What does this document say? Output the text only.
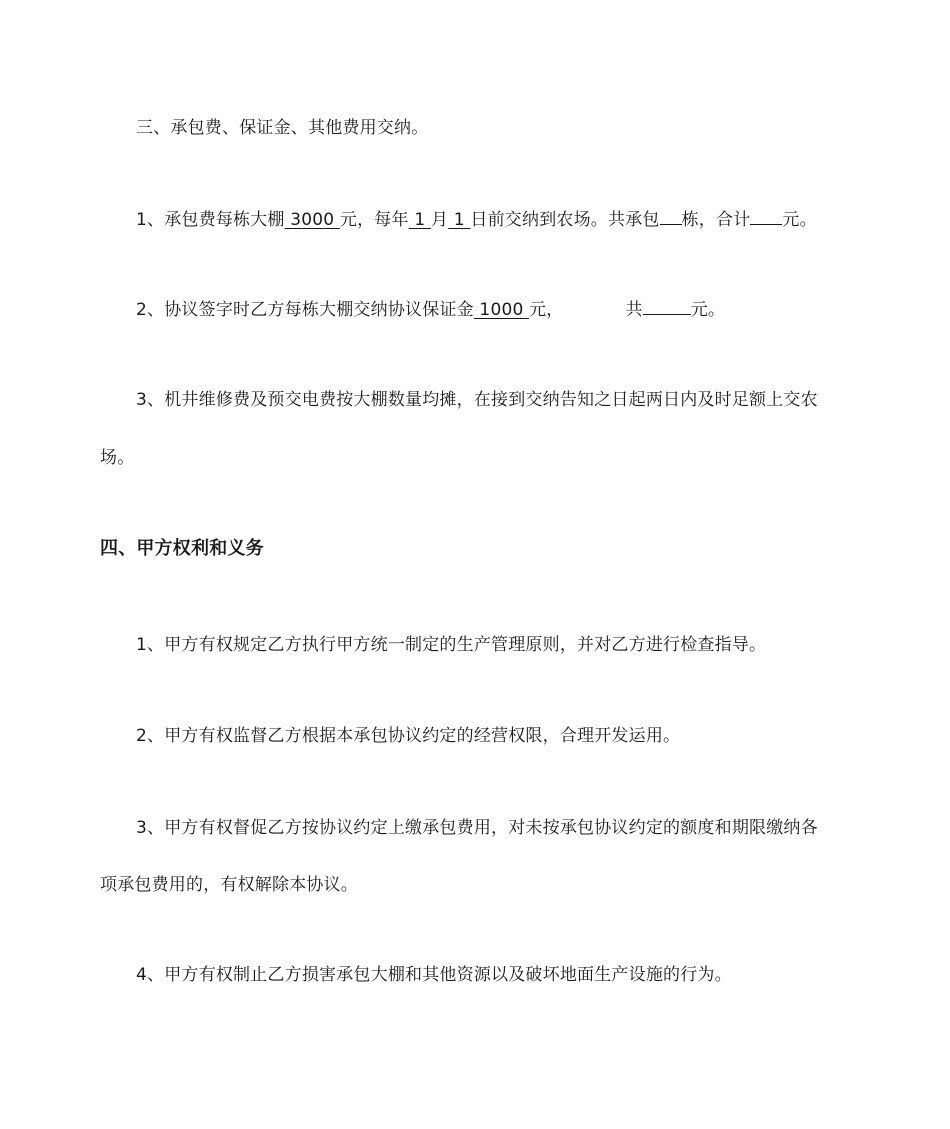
三、承包费、保证金、其他费用交纳。
1、承包费每栋大棚 3000 元，每年 1 月 1 日前交纳到农场。共承包 栋，合计 元。
2、协议签字时乙方每栋大棚交纳协议保证金 1000 元，	共	元。
3、机井维修费及预交电费按大棚数量均摊，在接到交纳告知之日起两日内及时足额上交农
场。
四、甲方权利和义务
1、甲方有权规定乙方执行甲方统一制定的生产管理原则，并对乙方进行检查指导。
2、甲方有权监督乙方根据本承包协议约定的经营权限，合理开发运用。
3、甲方有权督促乙方按协议约定上缴承包费用，对未按承包协议约定的额度和期限缴纳各
项承包费用的，有权解除本协议。
4、甲方有权制止乙方损害承包大棚和其他资源以及破坏地面生产设施的行为。
